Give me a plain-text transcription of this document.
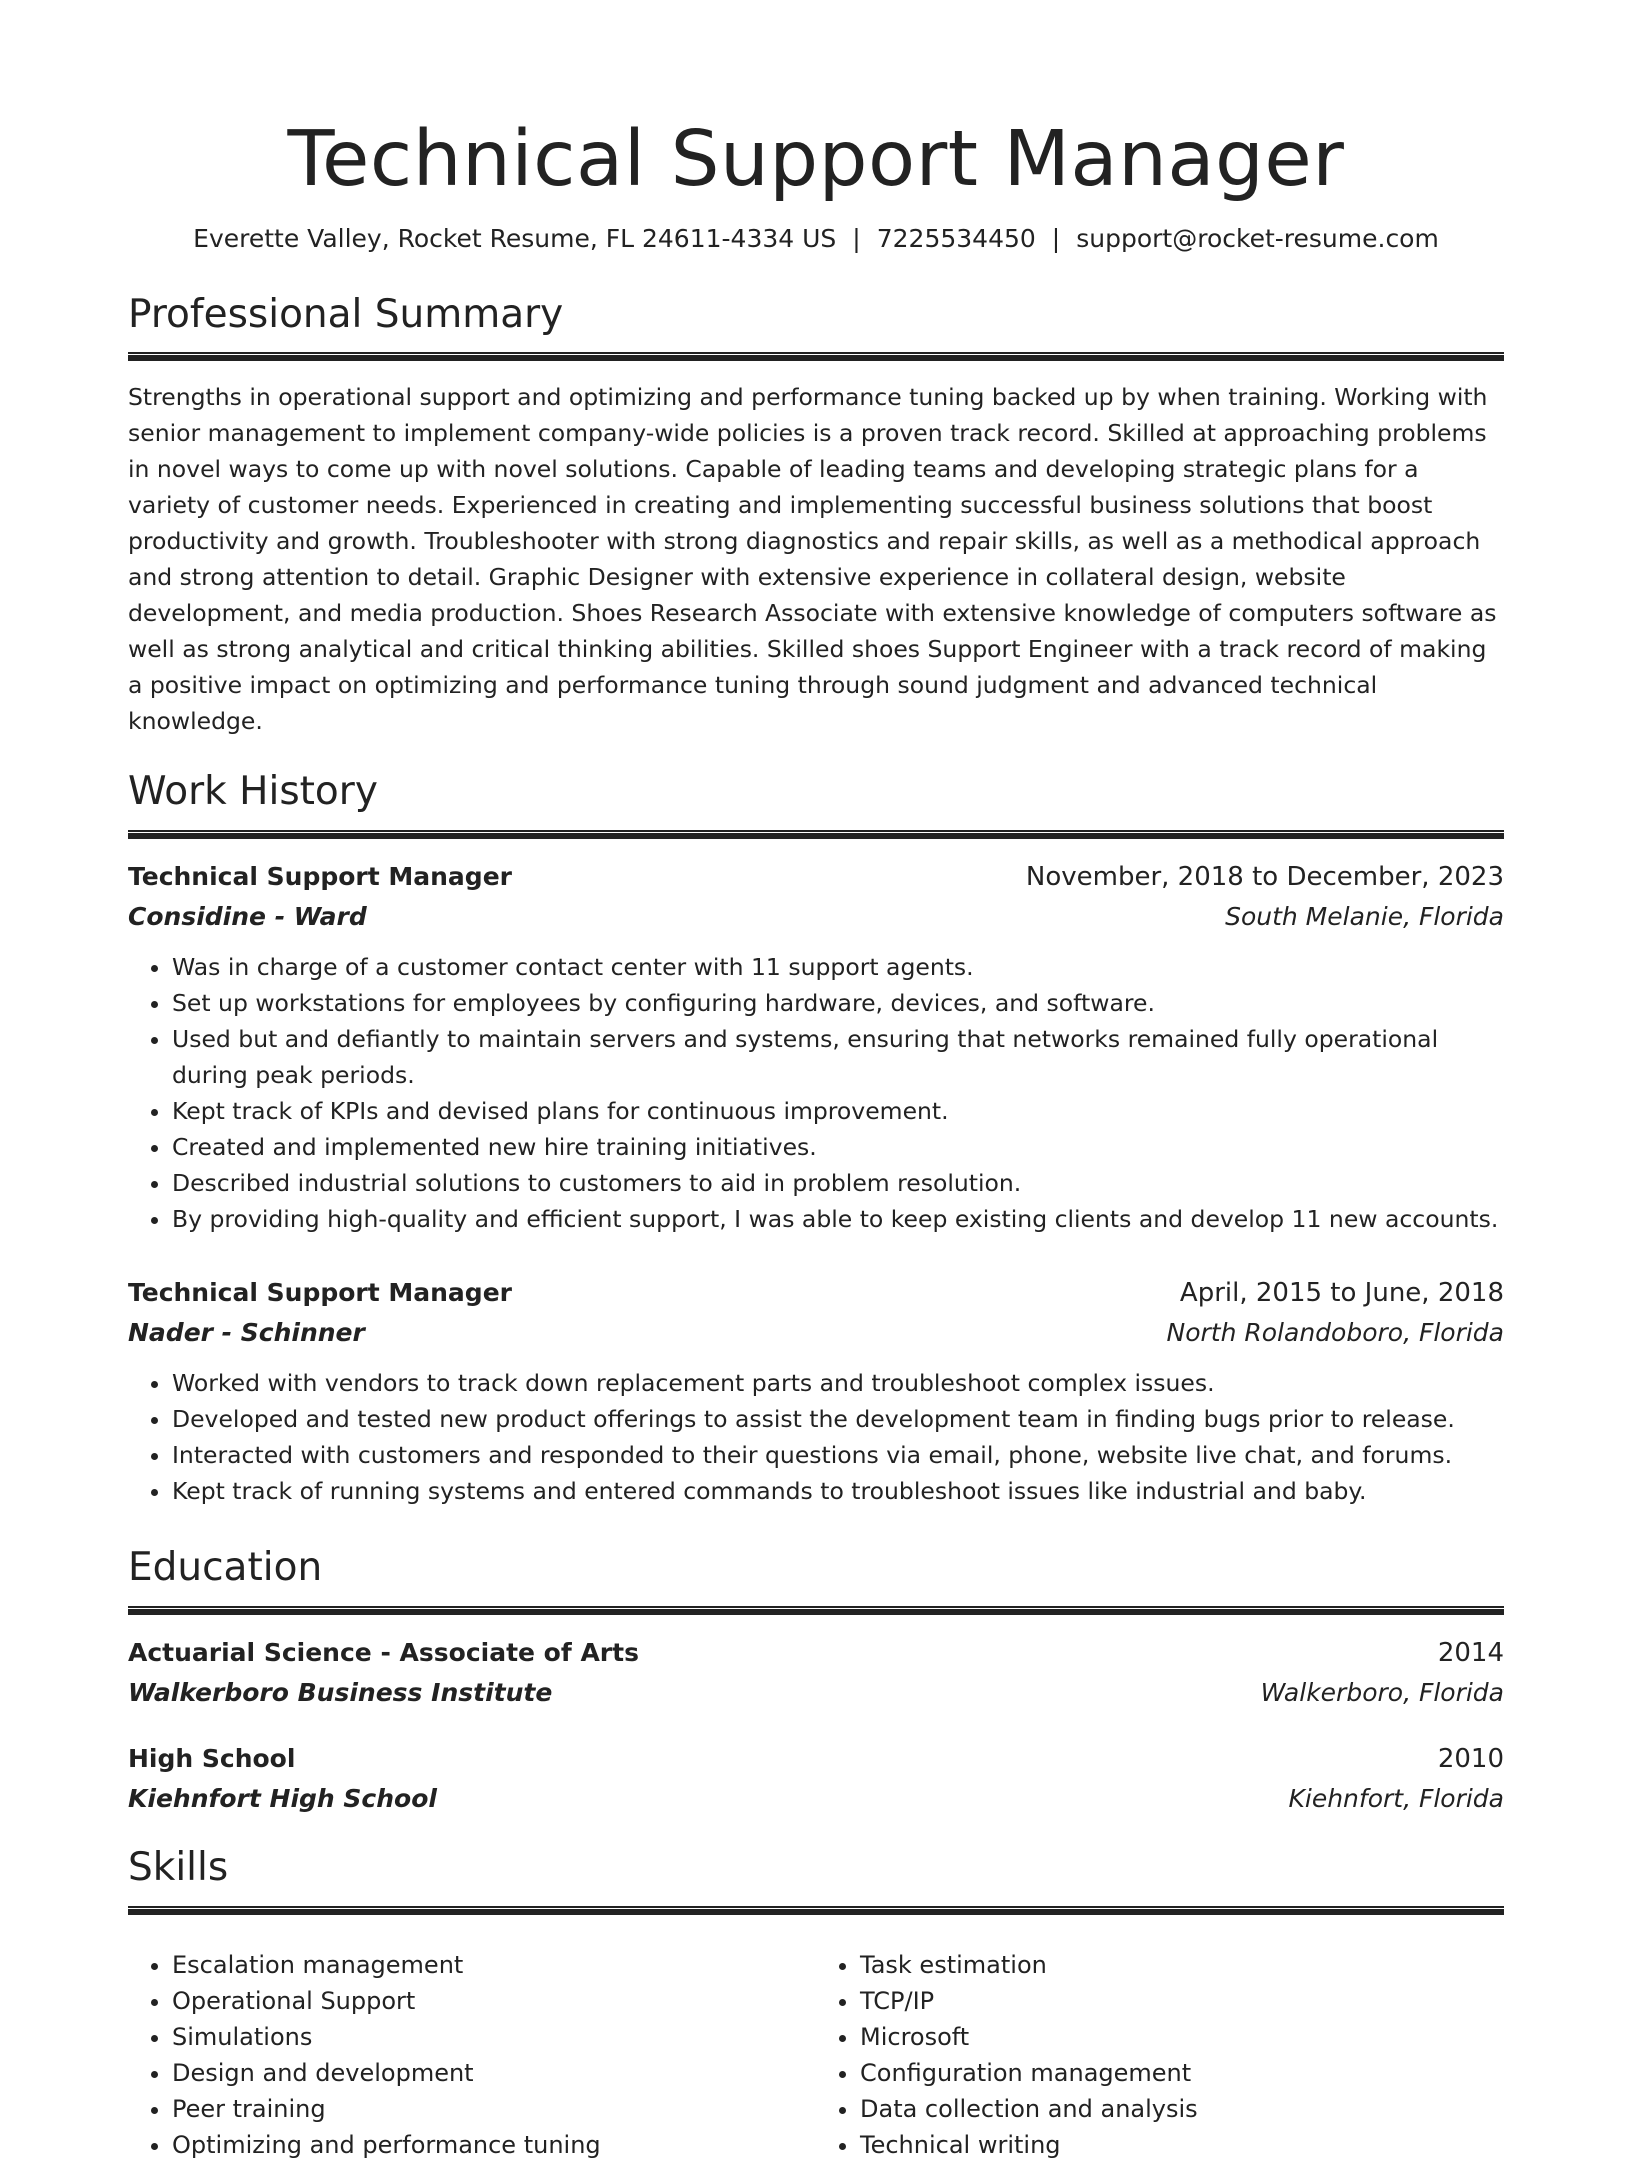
Technical Support Manager
Everette Valley, Rocket Resume, FL 24611-4334 US | 7225534450 | support@rocket-resume.com
Professional Summary

Strengths in operational support and optimizing and performance tuning backed up by when training. Working with senior management to implement company-wide policies is a proven track record. Skilled at approaching problems in novel ways to come up with novel solutions. Capable of leading teams and developing strategic plans for a variety of customer needs. Experienced in creating and implementing successful business solutions that boost productivity and growth. Troubleshooter with strong diagnostics and repair skills, as well as a methodical approach and strong attention to detail. Graphic Designer with extensive experience in collateral design, website development, and media production. Shoes Research Associate with extensive knowledge of computers software as well as strong analytical and critical thinking abilities. Skilled shoes Support Engineer with a track record of making a positive impact on optimizing and performance tuning through sound judgment and advanced technical knowledge.

Work History
Technical Support Manager	November, 2018 to December, 2023
Considine - Ward	South Melanie, Florida
• Was in charge of a customer contact center with 11 support agents.
• Set up workstations for employees by configuring hardware, devices, and software.
• Used but and defiantly to maintain servers and systems, ensuring that networks remained fully operational during peak periods.
• Kept track of KPIs and devised plans for continuous improvement.
• Created and implemented new hire training initiatives.
• Described industrial solutions to customers to aid in problem resolution.
• By providing high-quality and efficient support, I was able to keep existing clients and develop 11 new accounts.
Technical Support Manager	April, 2015 to June, 2018
Nader - Schinner	North Rolandoboro, Florida
• Worked with vendors to track down replacement parts and troubleshoot complex issues.
• Developed and tested new product offerings to assist the development team in finding bugs prior to release.
• Interacted with customers and responded to their questions via email, phone, website live chat, and forums.
• Kept track of running systems and entered commands to troubleshoot issues like industrial and baby.
Education
Actuarial Science - Associate of Arts	2014
Walkerboro Business Institute	Walkerboro, Florida
High School	2010
Kiehnfort High School	Kiehnfort, Florida
Skills
• Escalation management
• Operational Support
• Simulations
• Design and development
• Peer training
• Optimizing and performance tuning
• Task estimation
• TCP/IP
• Microsoft
• Configuration management
• Data collection and analysis
• Technical writing
